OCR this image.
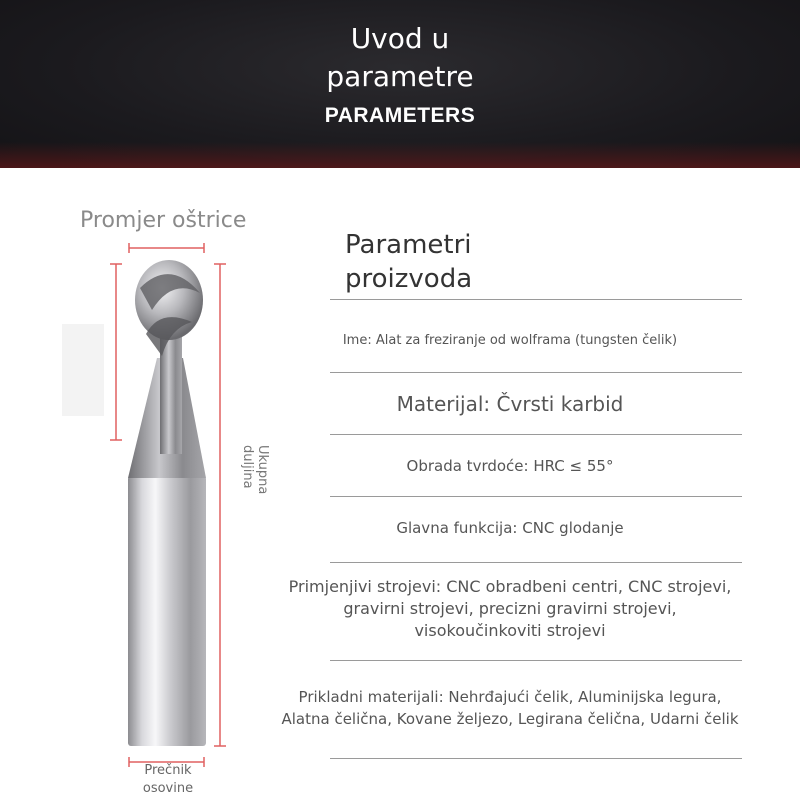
Uvod u
parametre
PARAMETERS
Promjer oštrice
Ukupna duljina
Prečnik
osovine
Parametri
proizvoda
Ime: Alat za freziranje od wolframa (tungsten čelik)
Materijal: Čvrsti karbid
Obrada tvrdoće: HRC ≤ 55°
Glavna funkcija: CNC glodanje
Primjenjivi strojevi: CNC obradbeni centri, CNC strojevi,
gravirni strojevi, precizni gravirni strojevi,
visokoučinkoviti strojevi
Prikladni materijali: Nehrđajući čelik, Aluminijska legura,
Alatna čelična, Kovane željezo, Legirana čelična, Udarni čelik
